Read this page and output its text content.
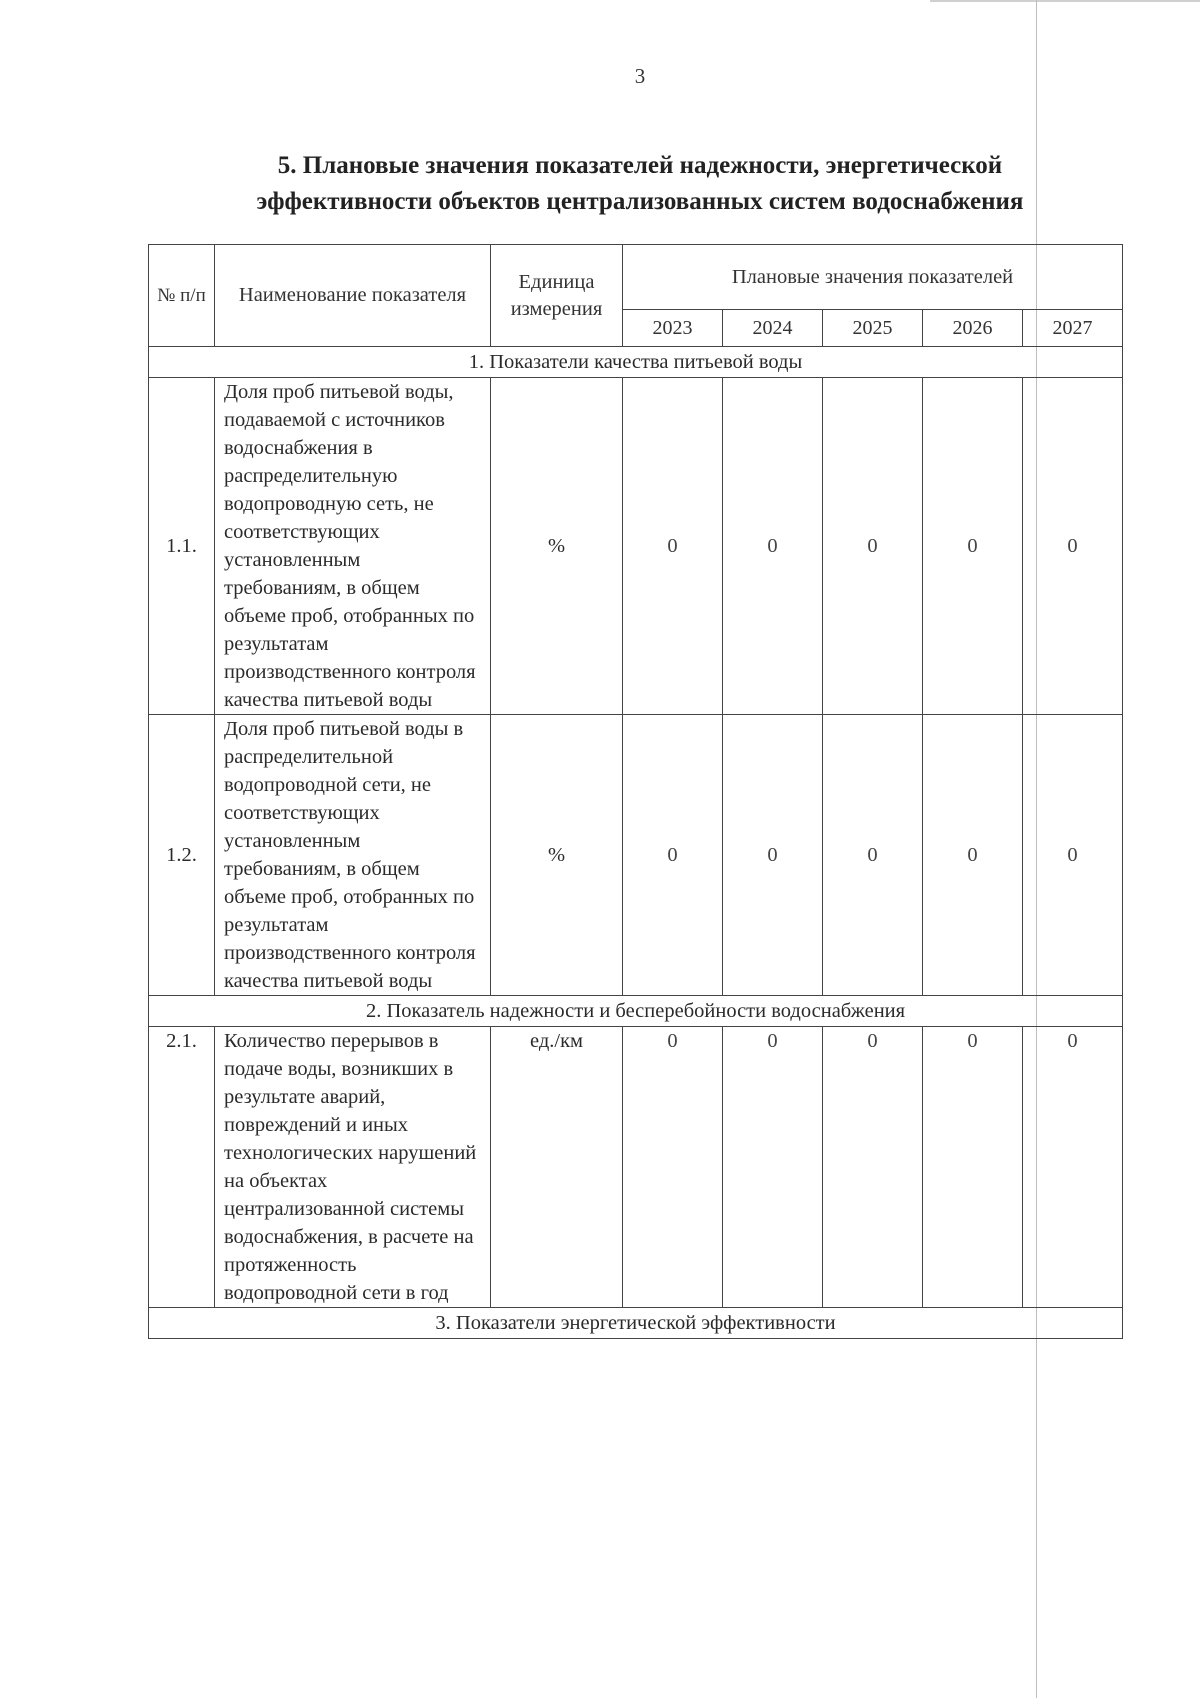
3
5. Плановые значения показателей надежности, энергетической
эффективности объектов централизованных систем водоснабжения
№ п/п	Наименование показателя	Единица измерения	Плановые значения показателей				
			2023	2024	2025	2026	2027
1. Показатели качества питьевой воды							
1.1.	Доля проб питьевой воды, подаваемой с источников водоснабжения в распределительную водопроводную сеть, не соответствующих установленным требованиям, в общем объеме проб, отобранных по результатам производственного контроля качества питьевой воды	%	0	0	0	0	0
1.2.	Доля проб питьевой воды в распределительной водопроводной сети, не соответствующих установленным требованиям, в общем объеме проб, отобранных по результатам производственного контроля качества питьевой воды	%	0	0	0	0	0
2. Показатель надежности и бесперебойности водоснабжения							
2.1.	Количество перерывов в подаче воды, возникших в результате аварий, повреждений и иных технологических нарушений на объектах централизованной системы водоснабжения, в расчете на протяженность водопроводной сети в год	ед./км	0	0	0	0	0
3. Показатели энергетической эффективности							
